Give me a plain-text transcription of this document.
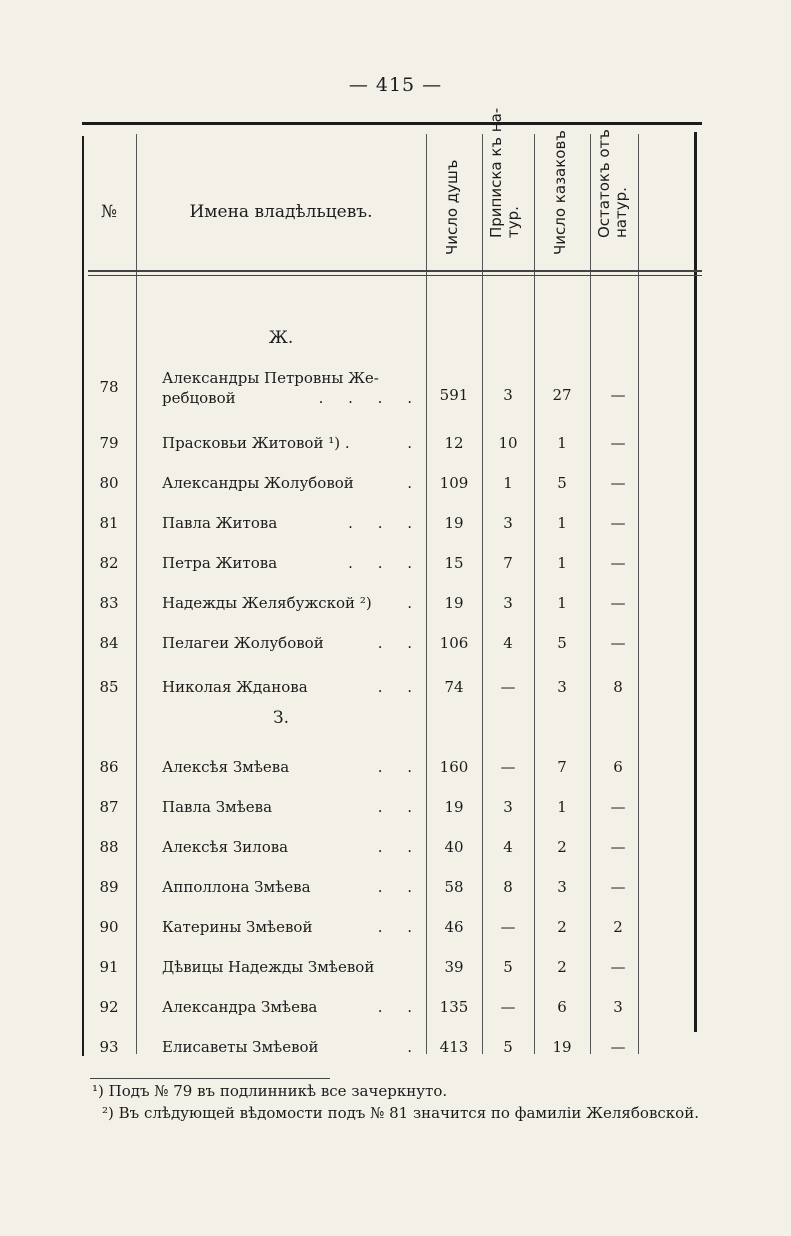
— 415 —
№	Имена владѣльцевъ.	Число душъ Приписка къ на- тур. Число казаковъ Остатокъ отъ натур.
Ж.
78	Александры Петровны Же-
ребцовой	. . . .	591	3	27	—
79	Прасковьи Житовой ¹) .	.	12	10	1	—
80	Александры Жолубовой	.	109	1	5	—
81	Павла Житова	. . .	19	3	1	—
82	Петра Житова	. . .	15	7	1	—
83	Надежды Желябужской ²) .	19	3	1	—
84	Пелагеи Жолубовой	. .	106	4	5	—
85	Николая Жданова	. .	74	—	3	8
З.
86	Алексѣя Змѣева	. .	160	—	7	6
87	Павла Змѣева	. .	19	3	1	—
88	Алексѣя Зилова	. .	40	4	2	—
89	Апполлона Змѣева	. .	58	8	3	—
90	Катерины Змѣевой	. .	46	—	2	2
91	Дѣвицы Надежды Змѣевой	39	5	2	—
92	Александра Змѣева	. .	135	—	6	3
93	Елисаветы Змѣевой	.	413	5	19	—

¹) Подъ № 79 въ подлинникѣ все зачеркнуто.

²) Въ слѣдующей вѣдомости подъ № 81 значится по фамиліи Желябовской.
